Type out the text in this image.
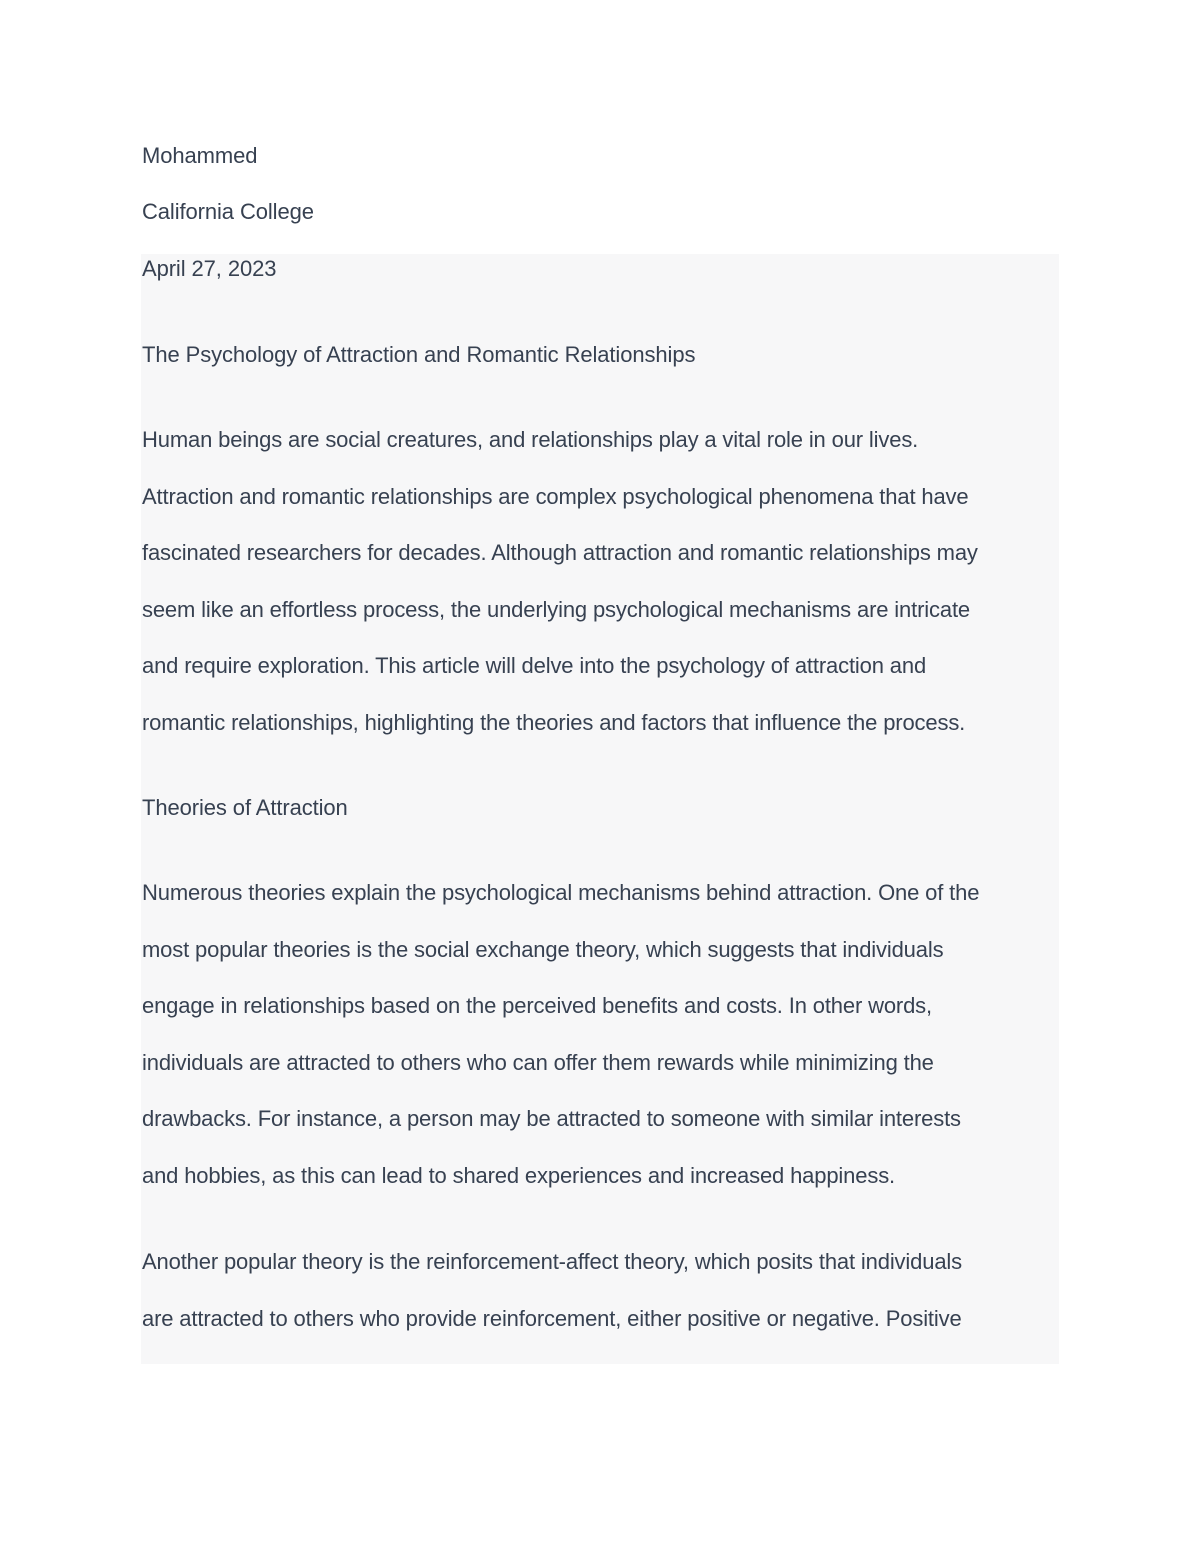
Mohammed
California College
April 27, 2023
The Psychology of Attraction and Romantic Relationships
Human beings are social creatures, and relationships play a vital role in our lives.
Attraction and romantic relationships are complex psychological phenomena that have
fascinated researchers for decades. Although attraction and romantic relationships may
seem like an effortless process, the underlying psychological mechanisms are intricate
and require exploration. This article will delve into the psychology of attraction and
romantic relationships, highlighting the theories and factors that influence the process.
Theories of Attraction
Numerous theories explain the psychological mechanisms behind attraction. One of the
most popular theories is the social exchange theory, which suggests that individuals
engage in relationships based on the perceived benefits and costs. In other words,
individuals are attracted to others who can offer them rewards while minimizing the
drawbacks. For instance, a person may be attracted to someone with similar interests
and hobbies, as this can lead to shared experiences and increased happiness.
Another popular theory is the reinforcement-affect theory, which posits that individuals
are attracted to others who provide reinforcement, either positive or negative. Positive
